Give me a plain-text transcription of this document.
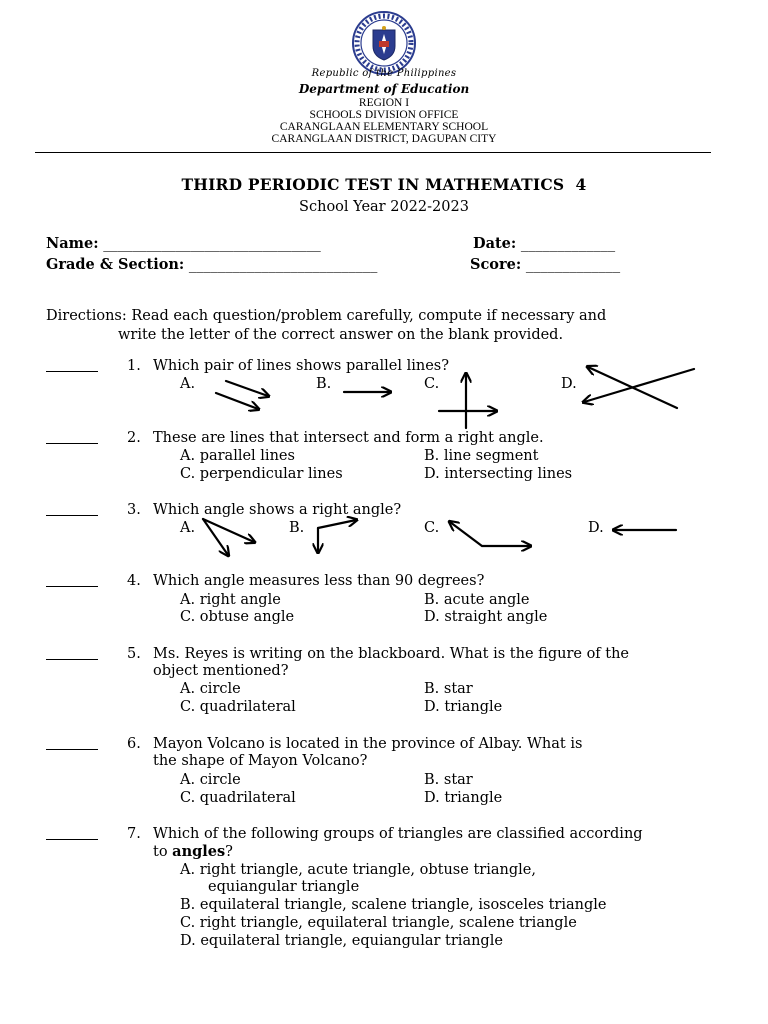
Republic of the Philippines
Department of Education
REGION I
SCHOOLS DIVISION OFFICE
CARANGLAAN ELEMENTARY SCHOOL
CARANGLAAN DISTRICT, DAGUPAN CITY
THIRD PERIODIC TEST IN MATHEMATICS  4
School Year 2022-2023
Name: ______________________________	Date: _____________
Grade & Section: __________________________	Score: _____________
Directions: Read each question/problem carefully, compute if necessary and
write the letter of the correct answer on the blank provided.
1. Which pair of lines shows parallel lines?
A.	B.	C.	D.
2. These are lines that intersect and form a right angle.
A. parallel lines	B. line segment
C. perpendicular lines	D. intersecting lines
3. Which angle shows a right angle?
A.	B.	C.	D.
4. Which angle measures less than 90 degrees?
A. right angle	B. acute angle
C. obtuse angle	D. straight angle
5. Ms. Reyes is writing on the blackboard. What is the figure of the
object mentioned?
A. circle	B. star
C. quadrilateral	D. triangle
6. Mayon Volcano is located in the province of Albay. What is
the shape of Mayon Volcano?
A. circle	B. star
C. quadrilateral	D. triangle
7. Which of the following groups of triangles are classified according
to angles?
A. right triangle, acute triangle, obtuse triangle,
equiangular triangle
B. equilateral triangle, scalene triangle, isosceles triangle
C. right triangle, equilateral triangle, scalene triangle
D. equilateral triangle, equiangular triangle
